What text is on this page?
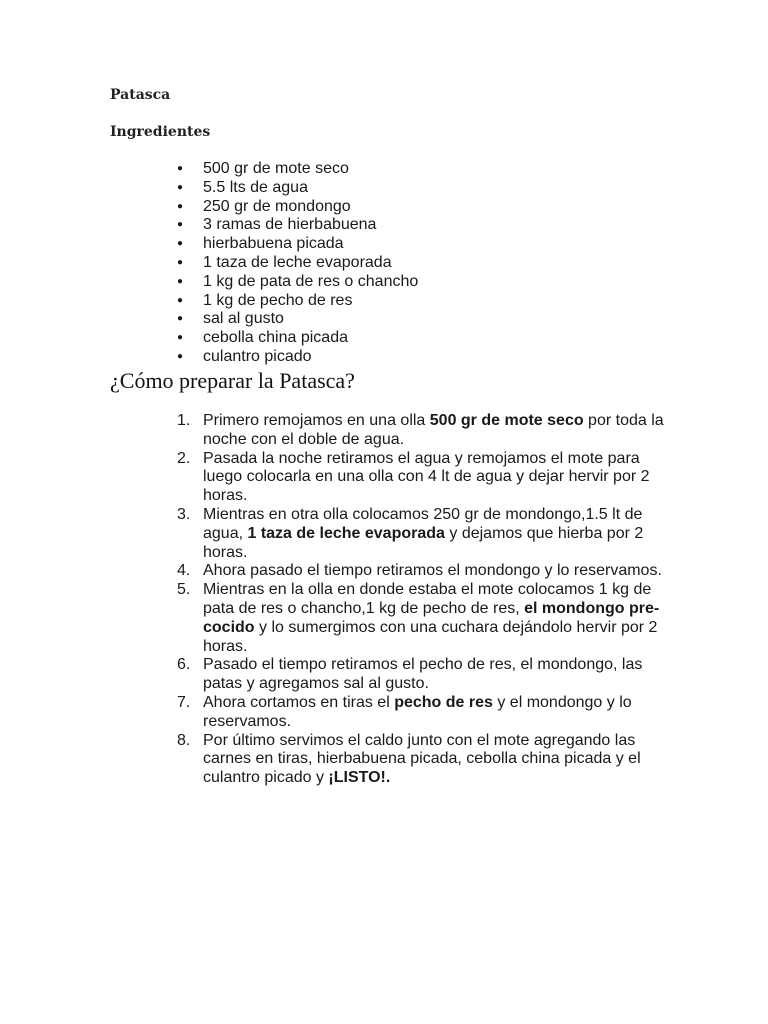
Patasca
Ingredientes
● 500 gr de mote seco
● 5.5 lts de agua
● 250 gr de mondongo
● 3 ramas de hierbabuena
● hierbabuena picada
● 1 taza de leche evaporada
● 1 kg de pata de res o chancho
● 1 kg de pecho de res
● sal al gusto
● cebolla china picada
● culantro picado
¿Cómo preparar la Patasca?
1. Primero remojamos en una olla 500 gr de mote seco por toda la noche con el doble de agua.
2. Pasada la noche retiramos el agua y remojamos el mote para luego colocarla en una olla con 4 lt de agua y dejar hervir por 2 horas.
3. Mientras en otra olla colocamos 250 gr de mondongo,1.5 lt de agua, 1 taza de leche evaporada y dejamos que hierba por 2 horas.
4. Ahora pasado el tiempo retiramos el mondongo y lo reservamos.
5. Mientras en la olla en donde estaba el mote colocamos 1 kg de pata de res o chancho,1 kg de pecho de res, el mondongo pre-cocido y lo sumergimos con una cuchara dejándolo hervir por 2 horas.
6. Pasado el tiempo retiramos el pecho de res, el mondongo, las patas y agregamos sal al gusto.
7. Ahora cortamos en tiras el pecho de res y el mondongo y lo reservamos.
8. Por último servimos el caldo junto con el mote agregando las carnes en tiras, hierbabuena picada, cebolla china picada y el culantro picado y ¡LISTO!.
